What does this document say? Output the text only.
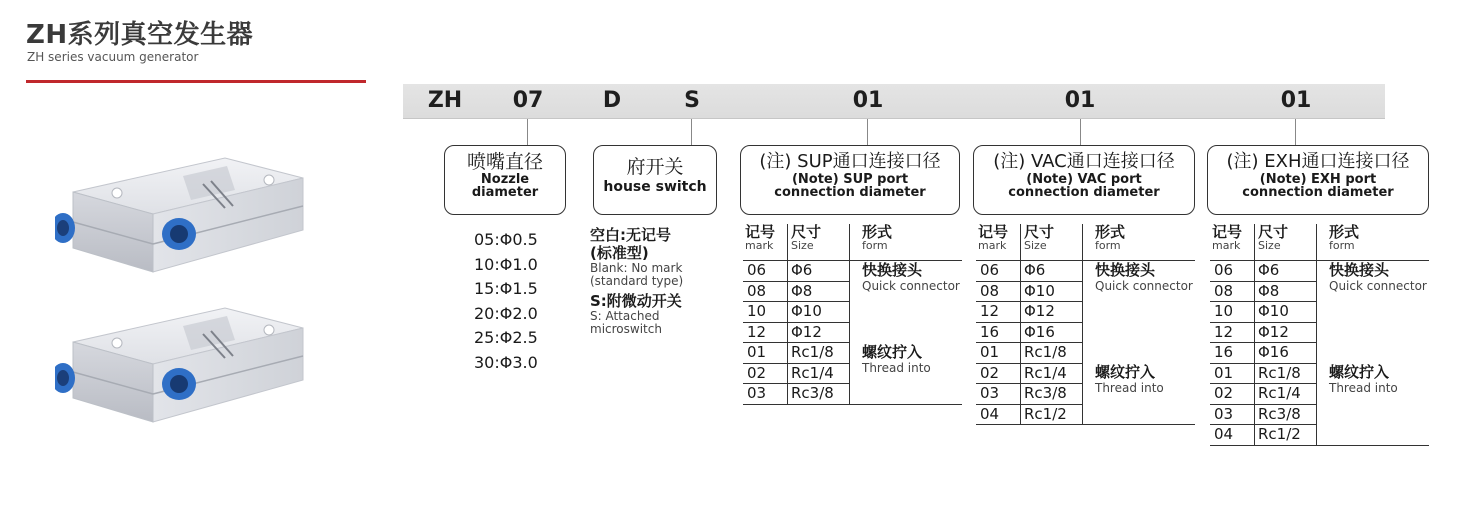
ZH系列真空发生器
ZH series vacuum generator
ZH 07	D	S	01	01	01
喷嘴直径
Nozzle
diameter
05:Φ0.5
10:Φ1.0
15:Φ1.5
20:Φ2.0
25:Φ2.5
30:Φ3.0
府开关
house switch
空白:无记号
(标准型)
Blank: No mark
(standard type)
S:附微动开关
S: Attached
microswitch
(注) SUP通口连接口径
(Note) SUP port
connection diameter
记号
mark	尺寸
Size	形式
form

06	Φ6	快换接头
Quick connector

08	Φ8	
10	Φ10	
12	Φ12	
01	Rc1/8	螺纹拧入
Thread into

02	Rc1/4	
03	Rc3/8	
(注) VAC通口连接口径
(Note) VAC port
connection diameter
记号
mark	尺寸
Size	形式
form

06	Φ6	快换接头
Quick connector

08	Φ10	
12	Φ12	
16	Φ16	
01	Rc1/8	
02	Rc1/4	螺纹拧入
Thread into

03	Rc3/8	
04	Rc1/2	
(注) EXH通口连接口径
(Note) EXH port
connection diameter
记号
mark	尺寸
Size	形式
form

06	Φ6	快换接头
Quick connector

08	Φ8	
10	Φ10	
12	Φ12	
16	Φ16	
01	Rc1/8	螺纹拧入
Thread into

02	Rc1/4	
03	Rc3/8	
04	Rc1/2	
